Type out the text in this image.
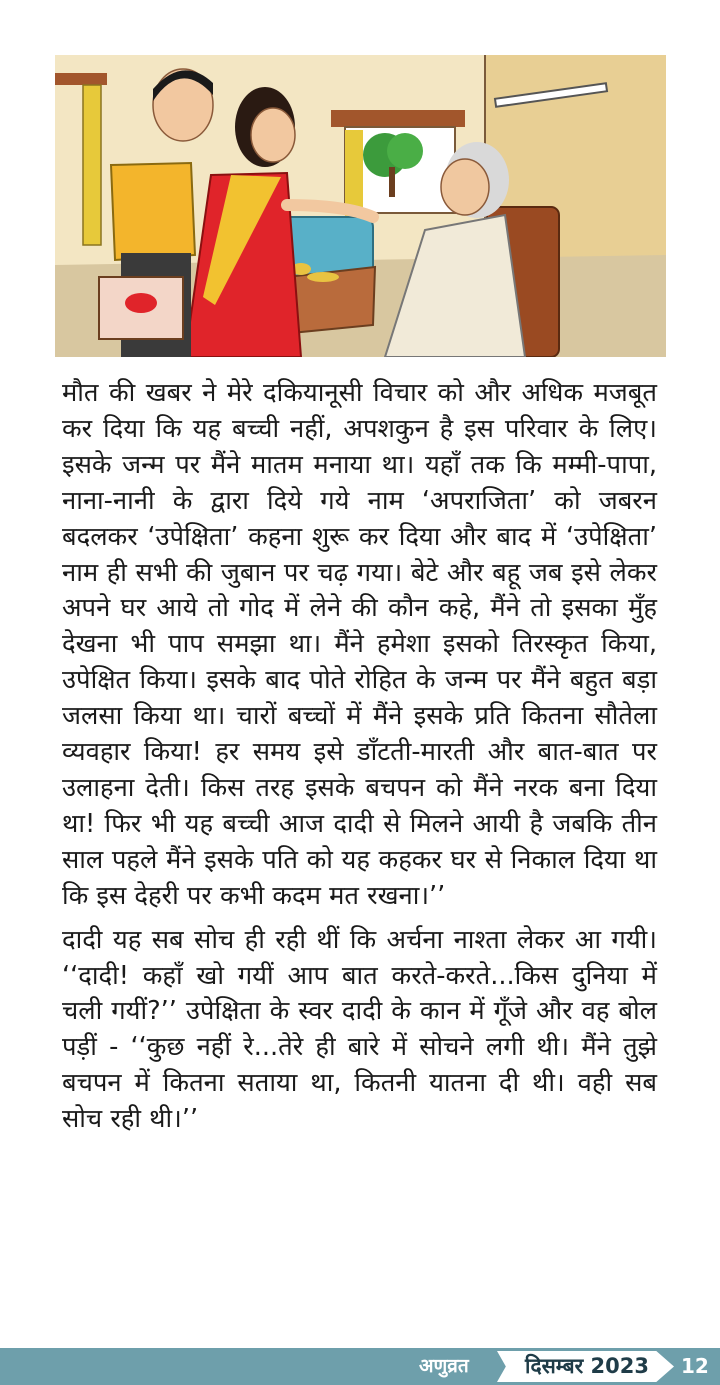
मौत की खबर ने मेरे दकियानूसी विचार को और अधिक मजबूत कर दिया कि यह बच्ची नहीं, अपशकुन है इस परिवार के लिए। इसके जन्म पर मैंने मातम मनाया था। यहाँ तक कि मम्मी-पापा, नाना-नानी के द्वारा दिये गये नाम ‘अपराजिता’ को जबरन बदलकर ‘उपेक्षिता’ कहना शुरू कर दिया और बाद में ‘उपेक्षिता’ नाम ही सभी की जुबान पर चढ़ गया। बेटे और बहू जब इसे लेकर अपने घर आये तो गोद में लेने की कौन कहे, मैंने तो इसका मुँह देखना भी पाप समझा था। मैंने हमेशा इसको तिरस्कृत किया, उपेक्षित किया। इसके बाद पोते रोहित के जन्म पर मैंने बहुत बड़ा जलसा किया था। चारों बच्चों में मैंने इसके प्रति कितना सौतेला व्यवहार किया! हर समय इसे डाँटती-मारती और बात-बात पर उलाहना देती। किस तरह इसके बचपन को मैंने नरक बना दिया था! फिर भी यह बच्ची आज दादी से मिलने आयी है जबकि तीन साल पहले मैंने इसके पति को यह कहकर घर से निकाल दिया था कि इस देहरी पर कभी कदम मत रखना।’’

दादी यह सब सोच ही रही थीं कि अर्चना नाश्ता लेकर आ गयी। ‘‘दादी! कहाँ खो गयीं आप बात करते-करते...किस दुनिया में चली गयीं?’’ उपेक्षिता के स्वर दादी के कान में गूँजे और वह बोल पड़ीं - ‘‘कुछ नहीं रे...तेरे ही बारे में सोचने लगी थी। मैंने तुझे बचपन में कितना सताया था, कितनी यातना दी थी। वही सब सोच रही थी।’’

अणुव्रत	दिसम्बर 2023 12
